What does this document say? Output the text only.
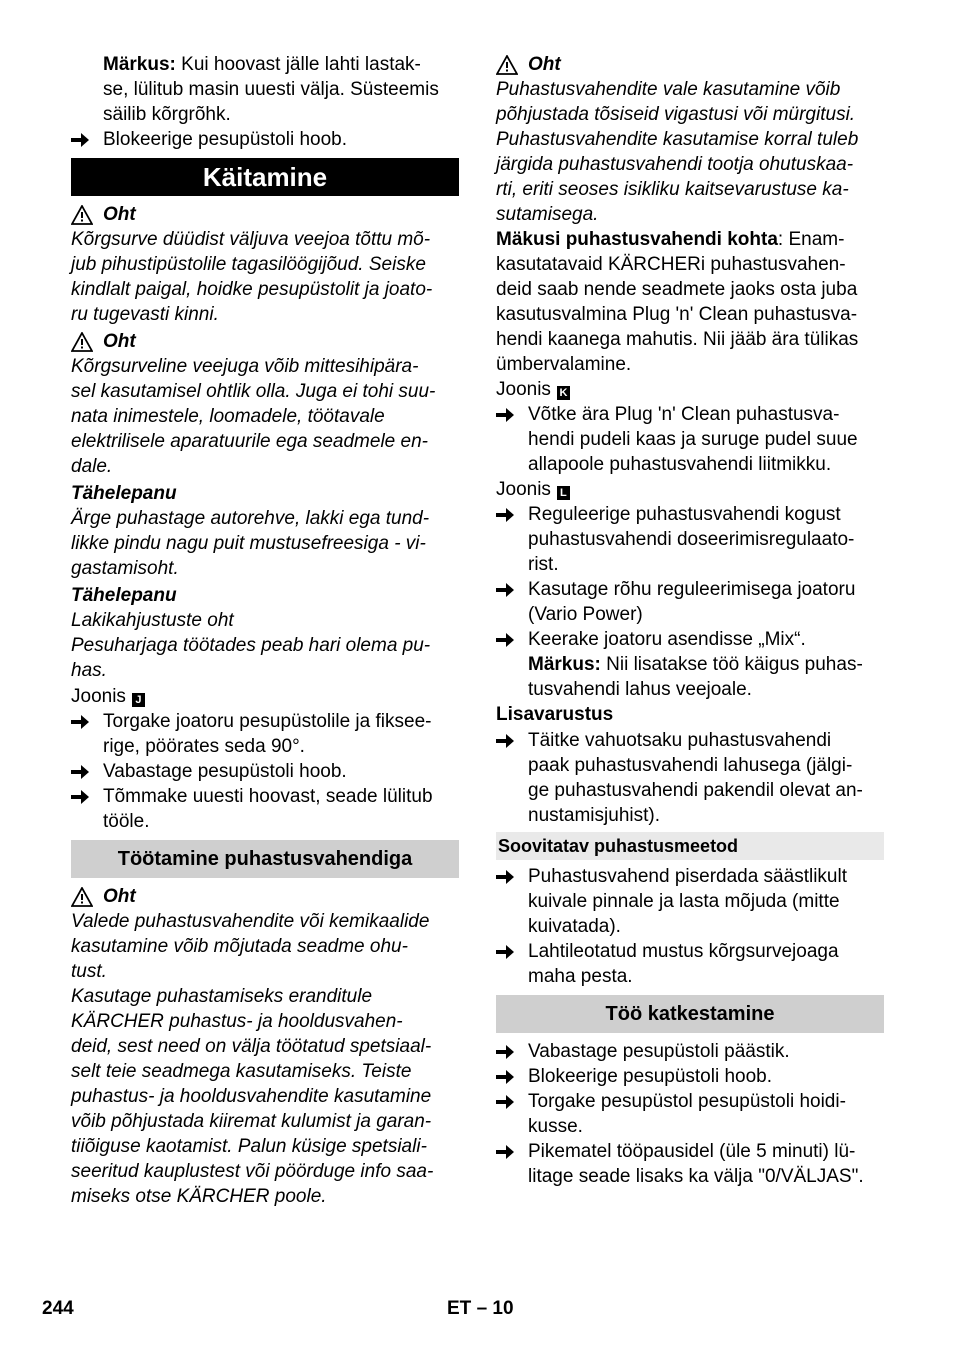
Märkus: Kui hoovast jälle lahti lastak-
se, lülitub masin uuesti välja. Süsteemis
säilib kõrgrõhk.
Blokeerige pesupüstoli hoob.
Käitamine
Oht
Kõrgsurve düüdist väljuva veejoa tõttu mõ-
jub pihustipüstolile tagasilöögijõud. Seiske
kindlalt paigal, hoidke pesupüstolit ja joato-
ru tugevasti kinni.
Oht
Kõrgsurveline veejuga võib mittesihipära-
sel kasutamisel ohtlik olla. Juga ei tohi suu-
nata inimestele, loomadele, töötavale
elektrilisele aparatuurile ega seadmele en-
dale.
Tähelepanu
Ärge puhastage autorehve, lakki ega tund-
likke pindu nagu puit mustusefreesiga - vi-
gastamisoht.
Tähelepanu
Lakikahjustuste oht
Pesuharjaga töötades peab hari olema pu-
has.
Joonis J
Torgake joatoru pesupüstolile ja fiksee-
rige, pöörates seda 90°.
Vabastage pesupüstoli hoob.
Tõmmake uuesti hoovast, seade lülitub
tööle.
Töötamine puhastusvahendiga
Oht
Valede puhastusvahendite või kemikaalide
kasutamine võib mõjutada seadme ohu-
tust.
Kasutage puhastamiseks eranditule
KÄRCHER puhastus- ja hooldusvahen-
deid, sest need on välja töötatud spetsiaal-
selt teie seadmega kasutamiseks. Teiste
puhastus- ja hooldusvahendite kasutamine
võib põhjustada kiiremat kulumist ja garan-
tiiõiguse kaotamist. Palun küsige spetsiali-
seeritud kauplustest või pöörduge info saa-
miseks otse KÄRCHER poole.
Oht
Puhastusvahendite vale kasutamine võib
põhjustada tõsiseid vigastusi või mürgitusi.
Puhastusvahendite kasutamise korral tuleb
järgida puhastusvahendi tootja ohutuskaa-
rti, eriti seoses isikliku kaitsevarustuse ka-
sutamisega.
Mäkusi puhastusvahendi kohta: Enam-
kasutatavaid KÄRCHERi puhastusvahen-
deid saab nende seadmete jaoks osta juba
kasutusvalmina Plug 'n' Clean puhastusva-
hendi kaanega mahutis. Nii jääb ära tülikas
ümbervalamine.
Joonis K
Võtke ära Plug 'n' Clean puhastusva-
hendi pudeli kaas ja suruge pudel suue
allapoole puhastusvahendi liitmikku.
Joonis L
Reguleerige puhastusvahendi kogust
puhastusvahendi doseerimisregulaato-
rist.
Kasutage rõhu reguleerimisega joatoru
(Vario Power)
Keerake joatoru asendisse „Mix“.
Märkus: Nii lisatakse töö käigus puhas-
tusvahendi lahus veejoale.
Lisavarustus
Täitke vahuotsaku puhastusvahendi
paak puhastusvahendi lahusega (jälgi-
ge puhastusvahendi pakendil olevat an-
nustamisjuhist).
Soovitatav puhastusmeetod
Puhastusvahend piserdada säästlikult
kuivale pinnale ja lasta mõjuda (mitte
kuivatada).
Lahtileotatud mustus kõrgsurvejoaga
maha pesta.
Töö katkestamine
Vabastage pesupüstoli päästik.
Blokeerige pesupüstoli hoob.
Torgake pesupüstol pesupüstoli hoidi-
kusse.
Pikematel tööpausidel (üle 5 minuti) lü-
litage seade lisaks ka välja "0/VÄLJAS".
244	ET – 10
